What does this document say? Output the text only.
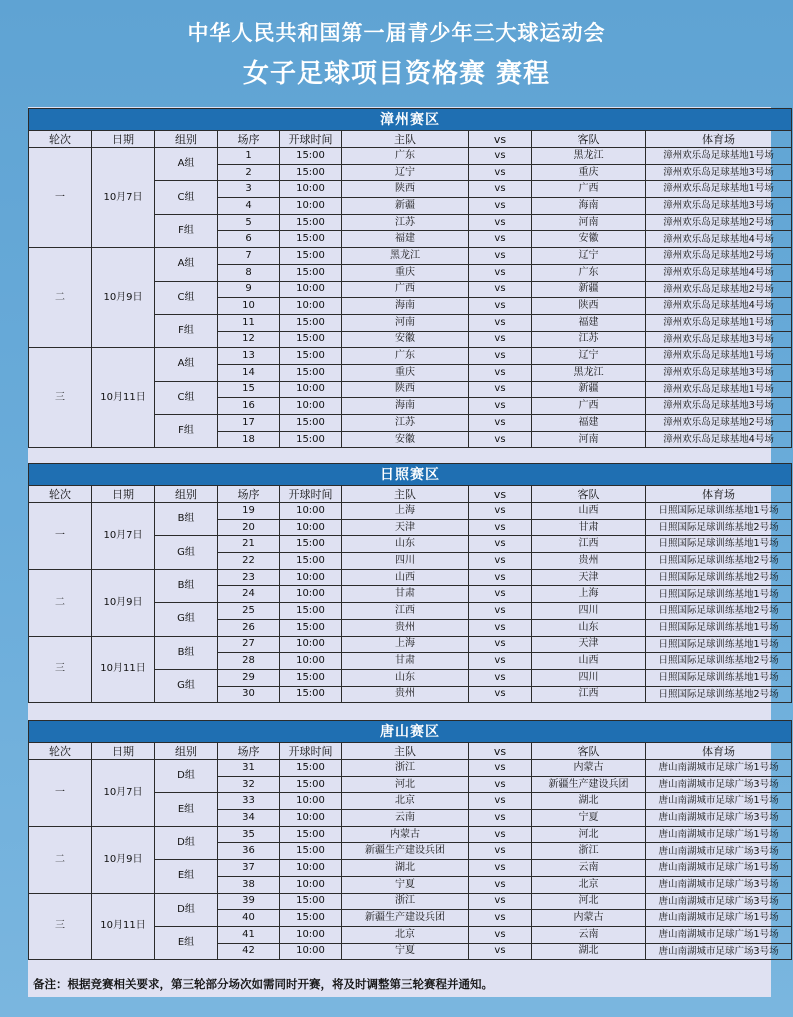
中华人民共和国第一届青少年三大球运动会
女子足球项目资格赛 赛程
漳州赛区								
轮次	日期	组别	场序	开球时间	主队	vs	客队	体育场
一	10月7日	A组	1	15:00	广东	vs	黑龙江	漳州欢乐岛足球基地1号场
			2	15:00	辽宁	vs	重庆	漳州欢乐岛足球基地3号场
		C组	3	10:00	陕西	vs	广西	漳州欢乐岛足球基地1号场
			4	10:00	新疆	vs	海南	漳州欢乐岛足球基地3号场
		F组	5	15:00	江苏	vs	河南	漳州欢乐岛足球基地2号场
			6	15:00	福建	vs	安徽	漳州欢乐岛足球基地4号场
二	10月9日	A组	7	15:00	黑龙江	vs	辽宁	漳州欢乐岛足球基地2号场
			8	15:00	重庆	vs	广东	漳州欢乐岛足球基地4号场
		C组	9	10:00	广西	vs	新疆	漳州欢乐岛足球基地2号场
			10	10:00	海南	vs	陕西	漳州欢乐岛足球基地4号场
		F组	11	15:00	河南	vs	福建	漳州欢乐岛足球基地1号场
			12	15:00	安徽	vs	江苏	漳州欢乐岛足球基地3号场
三	10月11日	A组	13	15:00	广东	vs	辽宁	漳州欢乐岛足球基地1号场
			14	15:00	重庆	vs	黑龙江	漳州欢乐岛足球基地3号场
		C组	15	10:00	陕西	vs	新疆	漳州欢乐岛足球基地1号场
			16	10:00	海南	vs	广西	漳州欢乐岛足球基地3号场
		F组	17	15:00	江苏	vs	福建	漳州欢乐岛足球基地2号场
			18	15:00	安徽	vs	河南	漳州欢乐岛足球基地4号场
日照赛区								
轮次	日期	组别	场序	开球时间	主队	vs	客队	体育场
一	10月7日	B组	19	10:00	上海	vs	山西	日照国际足球训练基地1号场
			20	10:00	天津	vs	甘肃	日照国际足球训练基地2号场
		G组	21	15:00	山东	vs	江西	日照国际足球训练基地1号场
			22	15:00	四川	vs	贵州	日照国际足球训练基地2号场
二	10月9日	B组	23	10:00	山西	vs	天津	日照国际足球训练基地2号场
			24	10:00	甘肃	vs	上海	日照国际足球训练基地1号场
		G组	25	15:00	江西	vs	四川	日照国际足球训练基地2号场
			26	15:00	贵州	vs	山东	日照国际足球训练基地1号场
三	10月11日	B组	27	10:00	上海	vs	天津	日照国际足球训练基地1号场
			28	10:00	甘肃	vs	山西	日照国际足球训练基地2号场
		G组	29	15:00	山东	vs	四川	日照国际足球训练基地1号场
			30	15:00	贵州	vs	江西	日照国际足球训练基地2号场
唐山赛区								
轮次	日期	组别	场序	开球时间	主队	vs	客队	体育场
一	10月7日	D组	31	15:00	浙江	vs	内蒙古	唐山南湖城市足球广场1号场
			32	15:00	河北	vs	新疆生产建设兵团	唐山南湖城市足球广场3号场
		E组	33	10:00	北京	vs	湖北	唐山南湖城市足球广场1号场
			34	10:00	云南	vs	宁夏	唐山南湖城市足球广场3号场
二	10月9日	D组	35	15:00	内蒙古	vs	河北	唐山南湖城市足球广场1号场
			36	15:00	新疆生产建设兵团	vs	浙江	唐山南湖城市足球广场3号场
		E组	37	10:00	湖北	vs	云南	唐山南湖城市足球广场1号场
			38	10:00	宁夏	vs	北京	唐山南湖城市足球广场3号场
三	10月11日	D组	39	15:00	浙江	vs	河北	唐山南湖城市足球广场3号场
			40	15:00	新疆生产建设兵团	vs	内蒙古	唐山南湖城市足球广场1号场
		E组	41	10:00	北京	vs	云南	唐山南湖城市足球广场1号场
			42	10:00	宁夏	vs	湖北	唐山南湖城市足球广场3号场
备注：根据竞赛相关要求，第三轮部分场次如需同时开赛，将及时调整第三轮赛程并通知。
